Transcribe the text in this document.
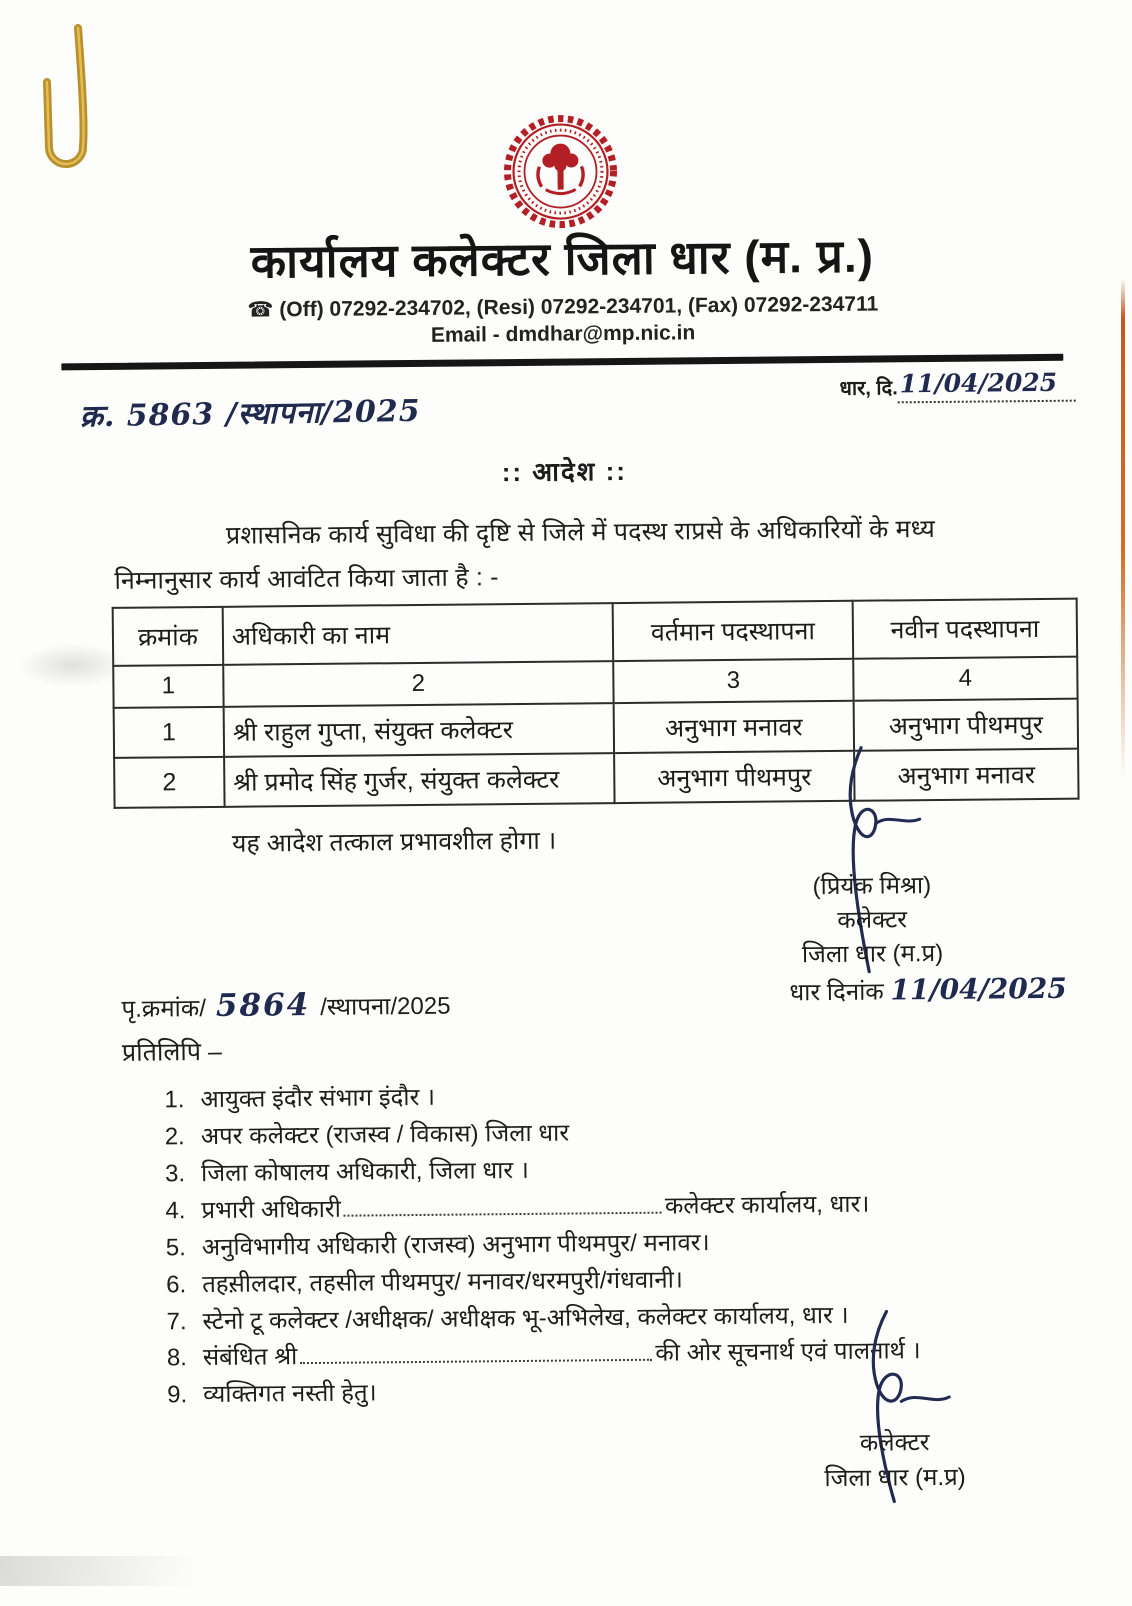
कार्यालय कलेक्टर जिला धार (म. प्र.)
☎ (Off) 07292-234702, (Resi) 07292-234701, (Fax) 07292-234711
Email - dmdhar@mp.nic.in
क्र. 5863 /स्थापना/2025
धार, दि.11/04/2025
:: आदेश ::
प्रशासनिक कार्य सुविधा की दृष्टि से जिले में पदस्थ राप्रसे के अधिकारियों के मध्य
निम्नानुसार कार्य आवंटित किया जाता है : -
क्रमांक	अधिकारी का नाम	वर्तमान पदस्थापना	नवीन पदस्थापना
1	2	3	4
1	श्री राहुल गुप्ता, संयुक्त कलेक्टर	अनुभाग मनावर	अनुभाग पीथमपुर
2	श्री प्रमोद सिंह गुर्जर, संयुक्त कलेक्टर	अनुभाग पीथमपुर	अनुभाग मनावर
यह आदेश तत्काल प्रभावशील होगा ।
(प्रियंक मिश्रा)
कलेक्टर
जिला धार (म.प्र)
धार दिनांक 11/04/2025
पृ.क्रमांक/ 5864 /स्थापना/2025
प्रतिलिपि –
1. आयुक्त इंदौर संभाग इंदौर ।
2. अपर कलेक्टर (राजस्व / विकास) जिला धार
3. जिला कोषालय अधिकारी, जिला धार ।
4. प्रभारी अधिकारी	कलेक्टर कार्यालय, धार।
5. अनुविभागीय अधिकारी (राजस्व) अनुभाग पीथमपुर/ मनावर।
6. तहस़ीलदार, तहसील पीथमपुर/ मनावर/धरमपुरी/गंधवानी।
7. स्टेनो टू कलेक्टर /अधीक्षक/ अधीक्षक भू-अभिलेख, कलेक्टर कार्यालय, धार ।
8. संबंधित श्री	की ओर सूचनार्थ एवं पालनार्थ ।
9. व्यक्तिगत नस्ती हेतु।
कलेक्टर
जिला धार (म.प्र)
